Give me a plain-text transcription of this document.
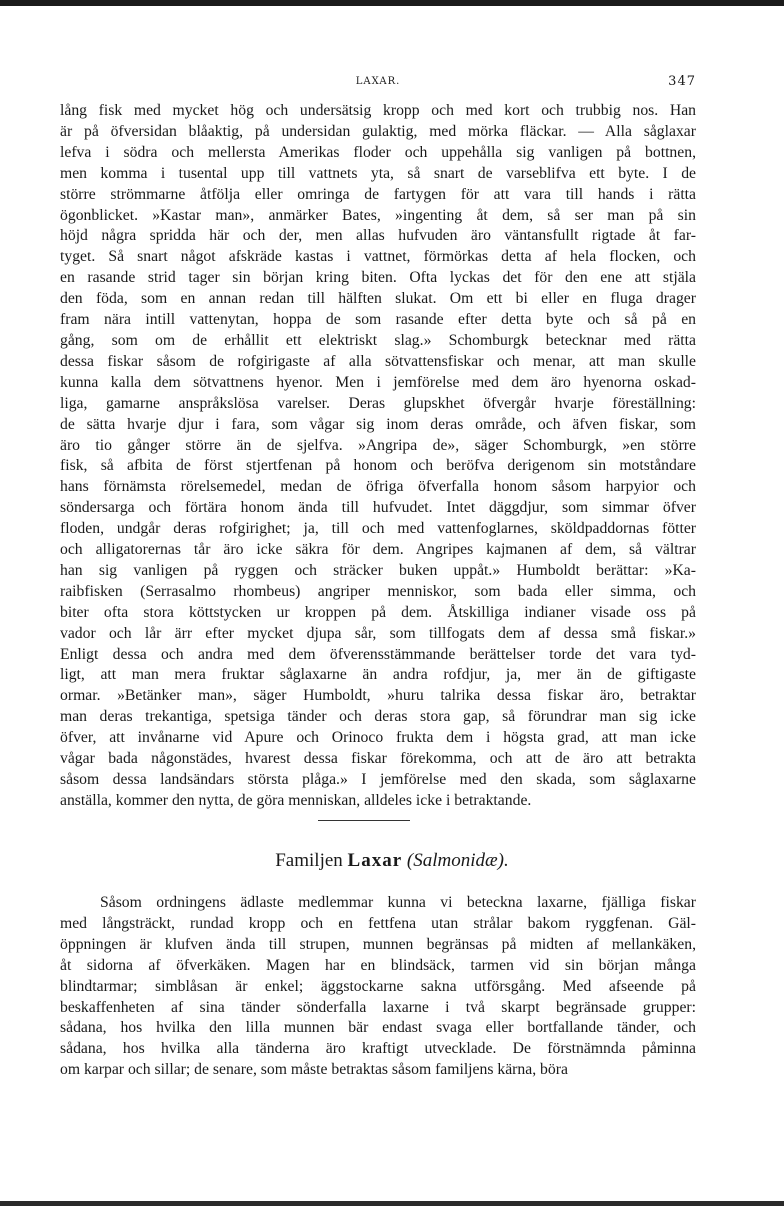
LAXAR.	347
lång fisk med mycket hög och undersätsig kropp och med kort och trubbig nos. Han
är på öfversidan blåaktig, på undersidan gulaktig, med mörka fläckar. — Alla såglaxar
lefva i södra och mellersta Amerikas floder och uppehålla sig vanligen på bottnen,
men komma i tusental upp till vattnets yta, så snart de varseblifva ett byte. I de
större strömmarne åtfölja eller omringa de fartygen för att vara till hands i rätta
ögonblicket. »Kastar man», anmärker Bates, »ingenting åt dem, så ser man på sin
höjd några spridda här och der, men allas hufvuden äro väntansfullt rigtade åt far-
tyget. Så snart något afskräde kastas i vattnet, förmörkas detta af hela flocken, och
en rasande strid tager sin början kring biten. Ofta lyckas det för den ene att stjäla
den föda, som en annan redan till hälften slukat. Om ett bi eller en fluga drager
fram nära intill vattenytan, hoppa de som rasande efter detta byte och så på en
gång, som om de erhållit ett elektriskt slag.» Schomburgk betecknar med rätta
dessa fiskar såsom de rofgirigaste af alla sötvattensfiskar och menar, att man skulle
kunna kalla dem sötvattnens hyenor. Men i jemförelse med dem äro hyenorna oskad-
liga, gamarne anspråkslösa varelser. Deras glupskhet öfvergår hvarje föreställning:
de sätta hvarje djur i fara, som vågar sig inom deras område, och äfven fiskar, som
äro tio gånger större än de sjelfva. »Angripa de», säger Schomburgk, »en större
fisk, så afbita de först stjertfenan på honom och beröfva derigenom sin motståndare
hans förnämsta rörelsemedel, medan de öfriga öfverfalla honom såsom harpyior och
söndersarga och förtära honom ända till hufvudet. Intet däggdjur, som simmar öfver
floden, undgår deras rofgirighet; ja, till och med vattenfoglarnes, sköldpaddornas fötter
och alligatorernas tår äro icke säkra för dem. Angripes kajmanen af dem, så vältrar
han sig vanligen på ryggen och sträcker buken uppåt.» Humboldt berättar: »Ka-
raibfisken (Serrasalmo rhombeus) angriper menniskor, som bada eller simma, och
biter ofta stora köttstycken ur kroppen på dem. Åtskilliga indianer visade oss på
vador och lår ärr efter mycket djupa sår, som tillfogats dem af dessa små fiskar.»
Enligt dessa och andra med dem öfverensstämmande berättelser torde det vara tyd-
ligt, att man mera fruktar såglaxarne än andra rofdjur, ja, mer än de giftigaste
ormar. »Betänker man», säger Humboldt, »huru talrika dessa fiskar äro, betraktar
man deras trekantiga, spetsiga tänder och deras stora gap, så förundrar man sig icke
öfver, att invånarne vid Apure och Orinoco frukta dem i högsta grad, att man icke
vågar bada någonstädes, hvarest dessa fiskar förekomma, och att de äro att betrakta
såsom dessa landsändars största plåga.» I jemförelse med den skada, som såglaxarne
anställa, kommer den nytta, de göra menniskan, alldeles icke i betraktande.
Familjen Laxar (Salmonidæ).
Såsom ordningens ädlaste medlemmar kunna vi beteckna laxarne, fjälliga fiskar
med långsträckt, rundad kropp och en fettfena utan strålar bakom ryggfenan. Gäl-
öppningen är klufven ända till strupen, munnen begränsas på midten af mellankäken,
åt sidorna af öfverkäken. Magen har en blindsäck, tarmen vid sin början många
blindtarmar; simblåsan är enkel; äggstockarne sakna utförsgång. Med afseende på
beskaffenheten af sina tänder sönderfalla laxarne i två skarpt begränsade grupper:
sådana, hos hvilka den lilla munnen bär endast svaga eller bortfallande tänder, och
sådana, hos hvilka alla tänderna äro kraftigt utvecklade. De förstnämnda påminna
om karpar och sillar; de senare, som måste betraktas såsom familjens kärna, böra
